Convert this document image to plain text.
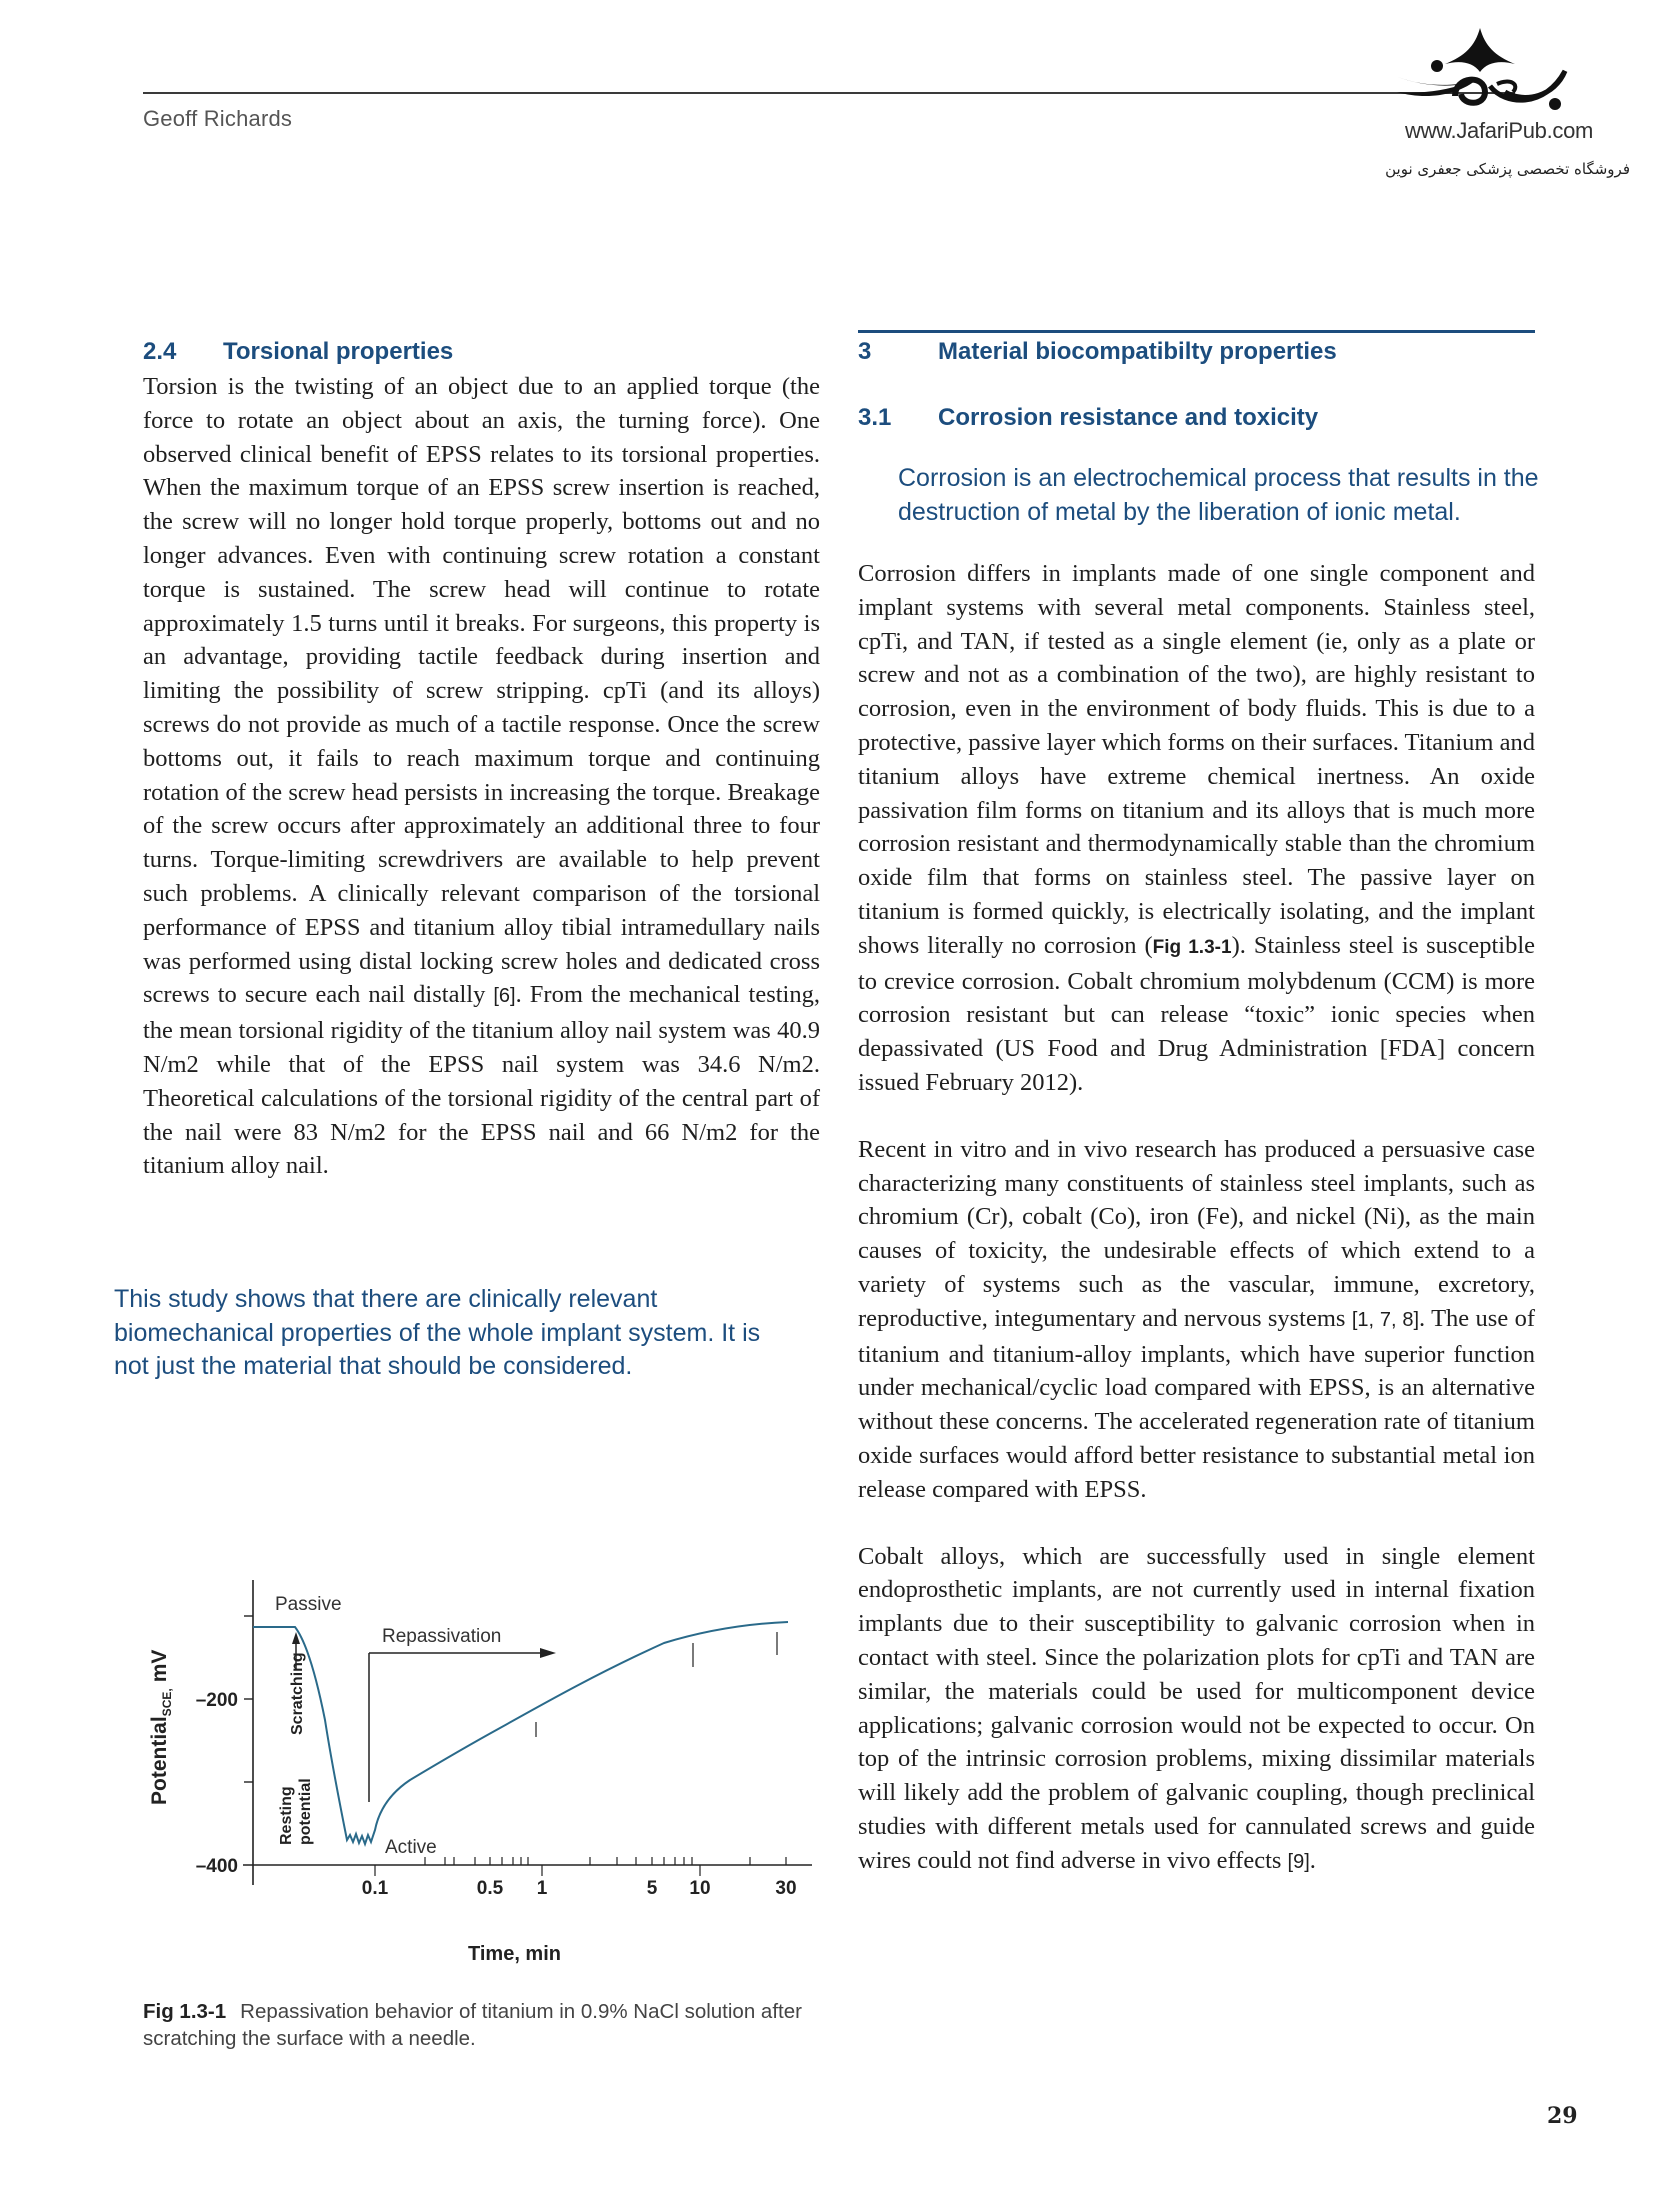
Geoff Richards	www.JafariPub.com
فروشگاه تخصصی پزشکی جعفری نوین
2.4	Torsional properties

Torsion is the twisting of an object due to an applied torque (the force to rotate an object about an axis, the turning force). One observed clinical benefit of EPSS relates to its torsional properties. When the maximum torque of an EPSS screw insertion is reached, the screw will no longer hold torque properly, bottoms out and no longer advances. Even with continuing screw rotation a constant torque is sustained. The screw head will continue to rotate approximately 1.5 turns until it breaks. For surgeons, this property is an advantage, providing tactile feedback during insertion and limiting the possibility of screw stripping. cpTi (and its alloys) screws do not provide as much of a tactile response. Once the screw bottoms out, it fails to reach maximum torque and continuing rotation of the screw head persists in increasing the torque. Breakage of the screw occurs after approximately an additional three to four turns. Torque-limiting screwdrivers are available to help prevent such problems. A clinically relevant comparison of the torsional performance of EPSS and titanium alloy tibial intramedullary nails was performed using distal locking screw holes and dedicated cross screws to secure each nail distally [6]. From the mechanical testing, the mean torsional rigidity of the titanium alloy nail system was 40.9 N/m2 while that of the EPSS nail system was 34.6 N/m2. Theoretical calculations of the torsional rigidity of the central part of the nail were 83 N/m2 for the EPSS nail and 66 N/m2 for the titanium alloy nail.

This study shows that there are clinically relevant biomechanical properties of the whole implant system. It is not just the material that should be considered.
Passive
Repassivation
Active
Scratching
Resting potential
–200
–400
0.1	0.5 1	5 10	30
Potential$_{SCE,}$mV
Time, min
Fig 1.3-1 Repassivation behavior of titanium in 0.9% NaCl solution after scratching the surface with a needle.
3	Material biocompatibilty properties
3.1	Corrosion resistance and toxicity
Corrosion is an electrochemical process that results in the destruction of metal by the liberation of ionic metal.

Corrosion differs in implants made of one single component and implant systems with several metal components. Stainless steel, cpTi, and TAN, if tested as a single element (ie, only as a plate or screw and not as a combination of the two), are highly resistant to corrosion, even in the environment of body fluids. This is due to a protective, passive layer which forms on their surfaces. Titanium and titanium alloys have extreme chemical inertness. An oxide passivation film forms on titanium and its alloys that is much more corrosion resistant and thermodynamically stable than the chromium oxide film that forms on stainless steel. The passive layer on titanium is formed quickly, is electrically isolating, and the implant shows literally no corrosion (Fig 1.3-1). Stainless steel is susceptible to crevice corrosion. Cobalt chromium molybdenum (CCM) is more corrosion resistant but can release “toxic” ionic species when depassivated (US Food and Drug Administration [FDA] concern issued February 2012).

Recent in vitro and in vivo research has produced a persuasive case characterizing many constituents of stainless steel implants, such as chromium (Cr), cobalt (Co), iron (Fe), and nickel (Ni), as the main causes of toxicity, the undesirable effects of which extend to a variety of systems such as the vascular, immune, excretory, reproductive, integumentary and nervous systems [1, 7, 8]. The use of titanium and titanium-alloy implants, which have superior function under mechanical/cyclic load compared with EPSS, is an alternative without these concerns. The accelerated regeneration rate of titanium oxide surfaces would afford better resistance to substantial metal ion release compared with EPSS.

Cobalt alloys, which are successfully used in single element endoprosthetic implants, are not currently used in internal fixation implants due to their susceptibility to galvanic corrosion when in contact with steel. Since the polarization plots for cpTi and TAN are similar, the materials could be used for multicomponent device applications; galvanic corrosion would not be expected to occur. On top of the intrinsic corrosion problems, mixing dissimilar materials will likely add the problem of galvanic coupling, though preclinical studies with different metals used for cannulated screws and guide wires could not find adverse in vivo effects [9].

29
